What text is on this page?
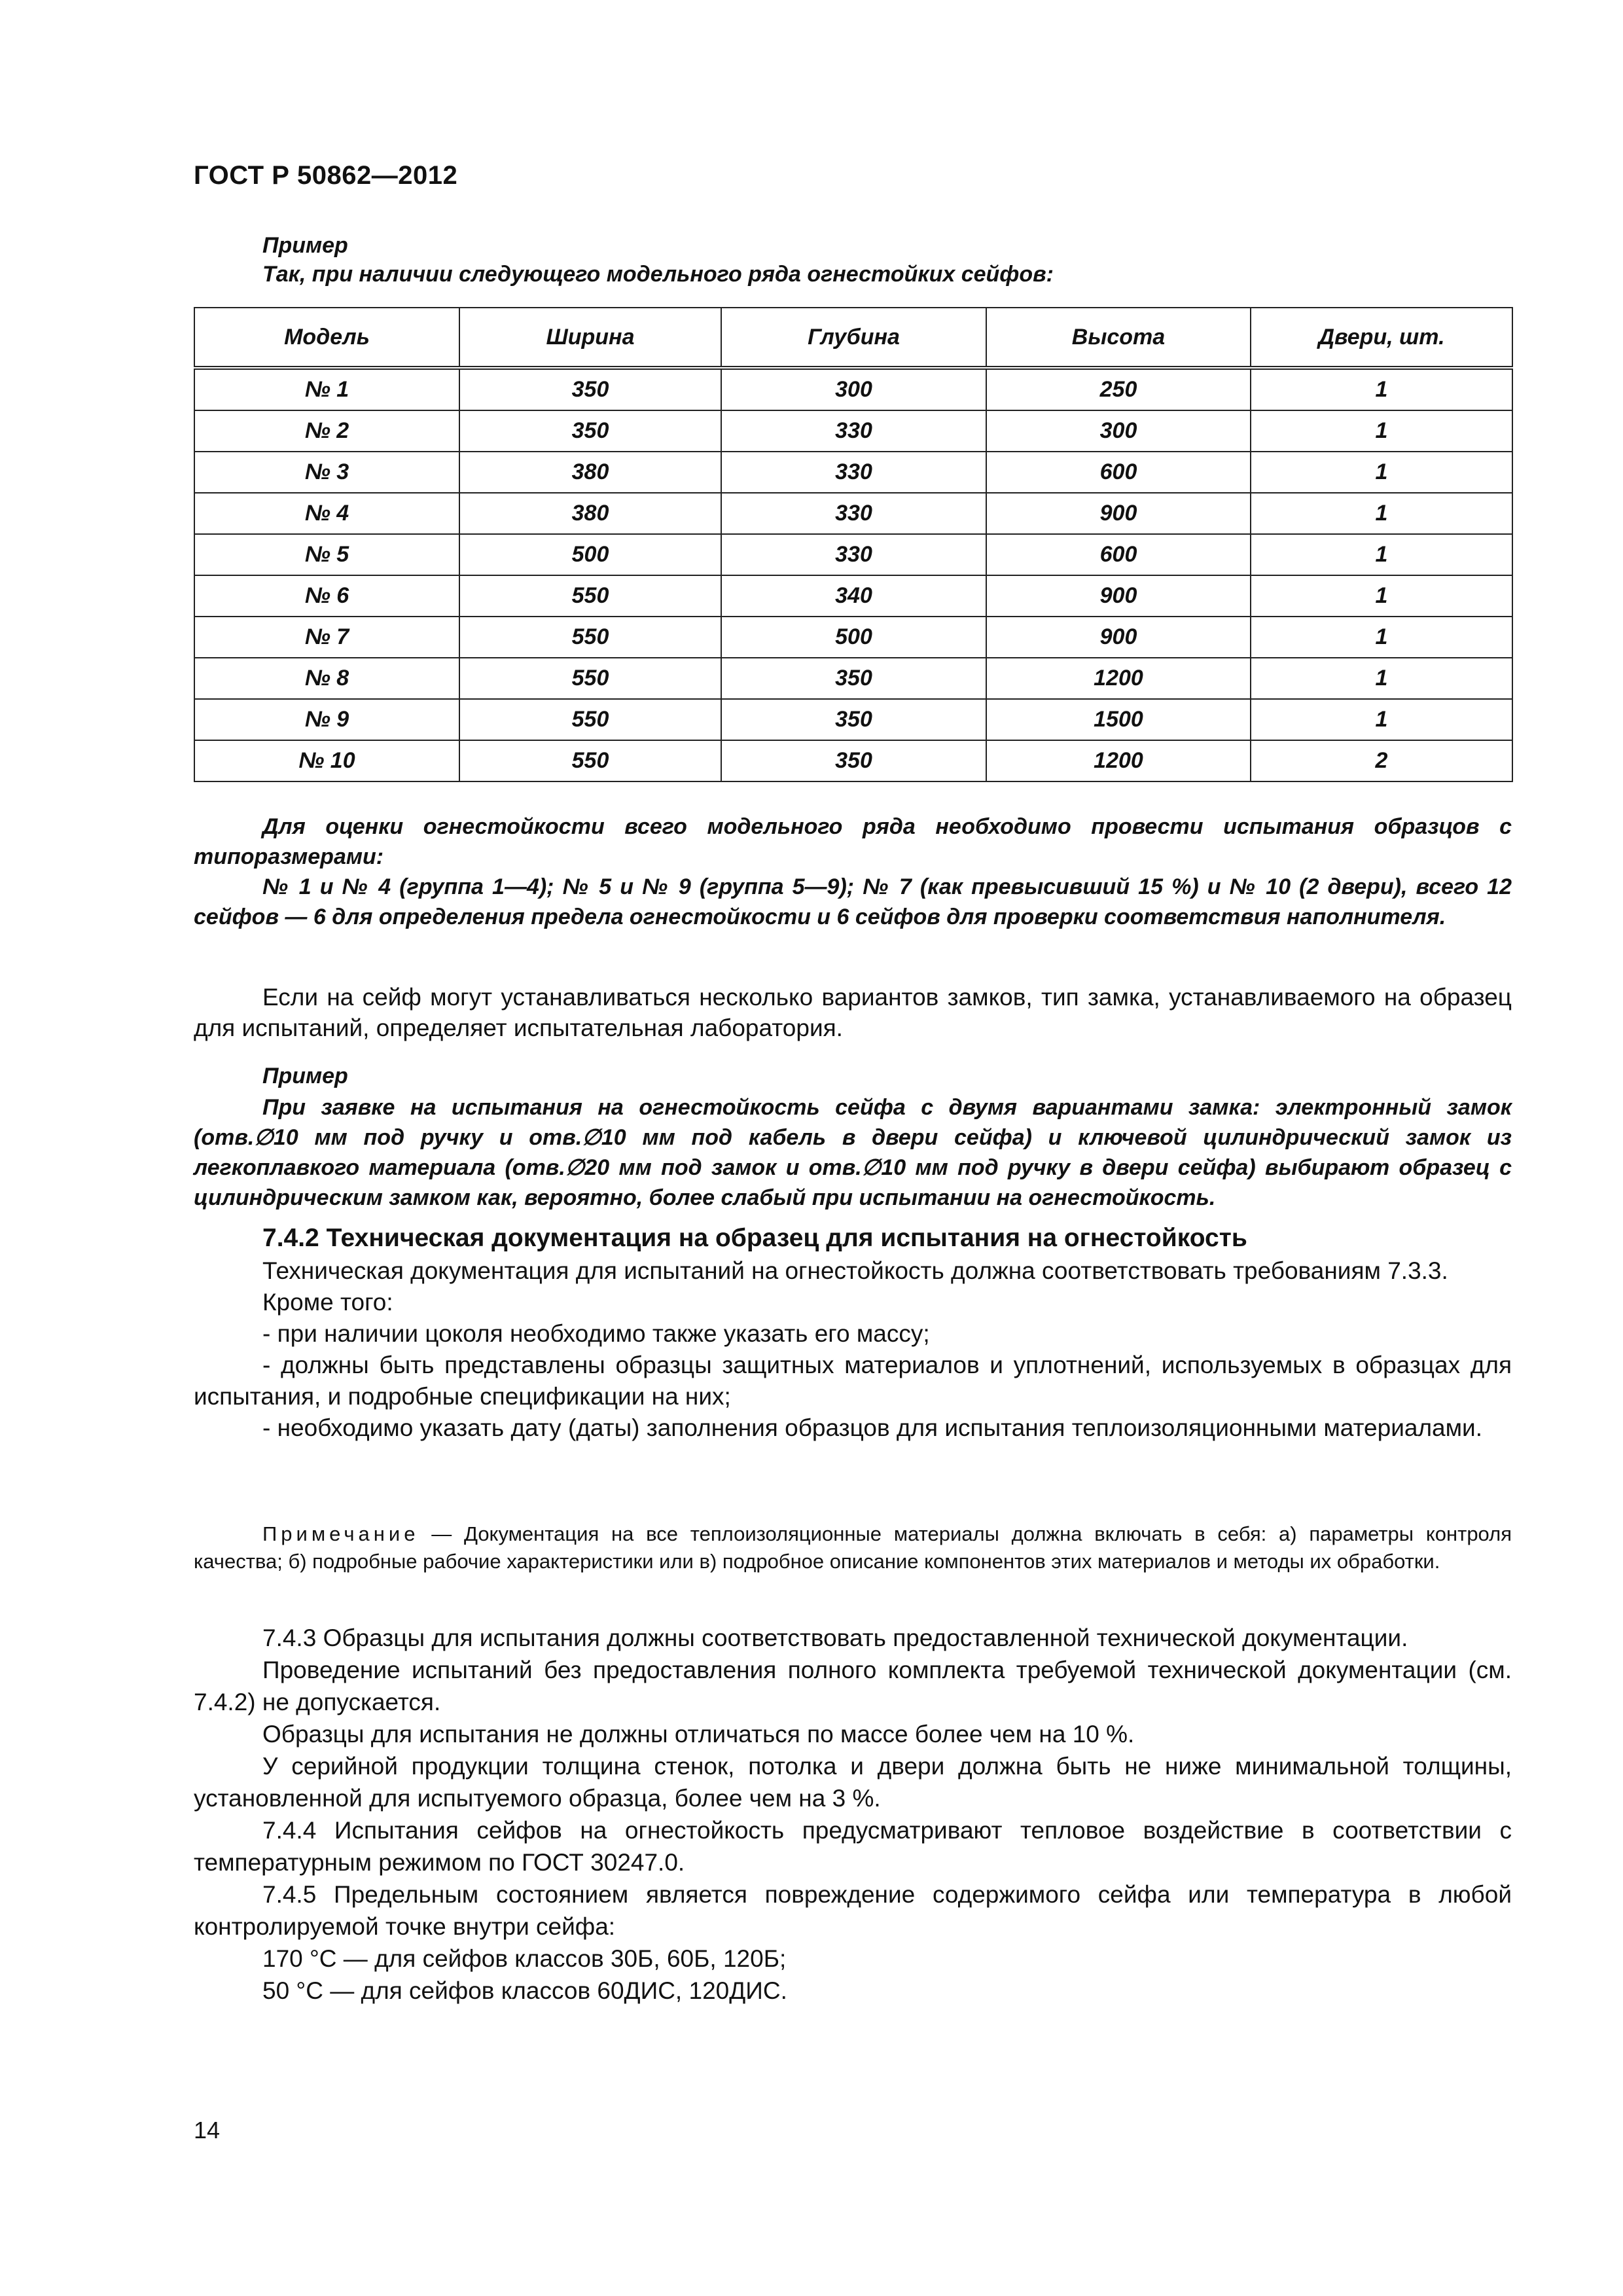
ГОСТ Р 50862—2012
Пример
Так, при наличии следующего модельного ряда огнестойких сейфов:
Модель	Ширина	Глубина	Высота	Двери, шт.
№ 1	350	300	250	1
№ 2	350	330	300	1
№ 3	380	330	600	1
№ 4	380	330	900	1
№ 5	500	330	600	1
№ 6	550	340	900	1
№ 7	550	500	900	1
№ 8	550	350	1200	1
№ 9	550	350	1500	1
№ 10	550	350	1200	2

Для оценки огнестойкости всего модельного ряда необходимо провести испытания образцов с типоразмерами:

№ 1 и № 4 (группа 1—4); № 5 и № 9 (группа 5—9); № 7 (как превысивший 15 %) и № 10 (2 двери), всего 12 сейфов — 6 для определения предела огнестойкости и 6 сейфов для проверки соответствия наполнителя.

Если на сейф могут устанавливаться несколько вариантов замков, тип замка, устанавливаемого на образец для испытаний, определяет испытательная лаборатория.

Пример

При заявке на испытания на огнестойкость сейфа с двумя вариантами замка: электронный замок (отв.∅10 мм под ручку и отв.∅10 мм под кабель в двери сейфа) и ключевой цилиндрический замок из легкоплавкого материала (отв.∅20 мм под замок и отв.∅10 мм под ручку в двери сейфа) выбирают образец с цилиндрическим замком как, вероятно, более слабый при испытании на огнестойкость.

7.4.2 Техническая документация на образец для испытания на огнестойкость

Техническая документация для испытаний на огнестойкость должна соответствовать требованиям 7.3.3.

Кроме того:

- при наличии цоколя необходимо также указать его массу;

- должны быть представлены образцы защитных материалов и уплотнений, используемых в образцах для испытания, и подробные спецификации на них;

- необходимо указать дату (даты) заполнения образцов для испытания теплоизоляционными материалами.

Примечание — Документация на все теплоизоляционные материалы должна включать в себя: а) параметры контроля качества; б) подробные рабочие характеристики или в) подробное описание компонентов этих материалов и методы их обработки.

7.4.3 Образцы для испытания должны соответствовать предоставленной технической документации.

Проведение испытаний без предоставления полного комплекта требуемой технической документации (см. 7.4.2) не допускается.

Образцы для испытания не должны отличаться по массе более чем на 10 %.

У серийной продукции толщина стенок, потолка и двери должна быть не ниже минимальной толщины, установленной для испытуемого образца, более чем на 3 %.

7.4.4 Испытания сейфов на огнестойкость предусматривают тепловое воздействие в соответствии с температурным режимом по ГОСТ 30247.0.

7.4.5 Предельным состоянием является повреждение содержимого сейфа или температура в любой контролируемой точке внутри сейфа:

170 °С — для сейфов классов 30Б, 60Б, 120Б;

50 °С — для сейфов классов 60ДИС, 120ДИС.

14
